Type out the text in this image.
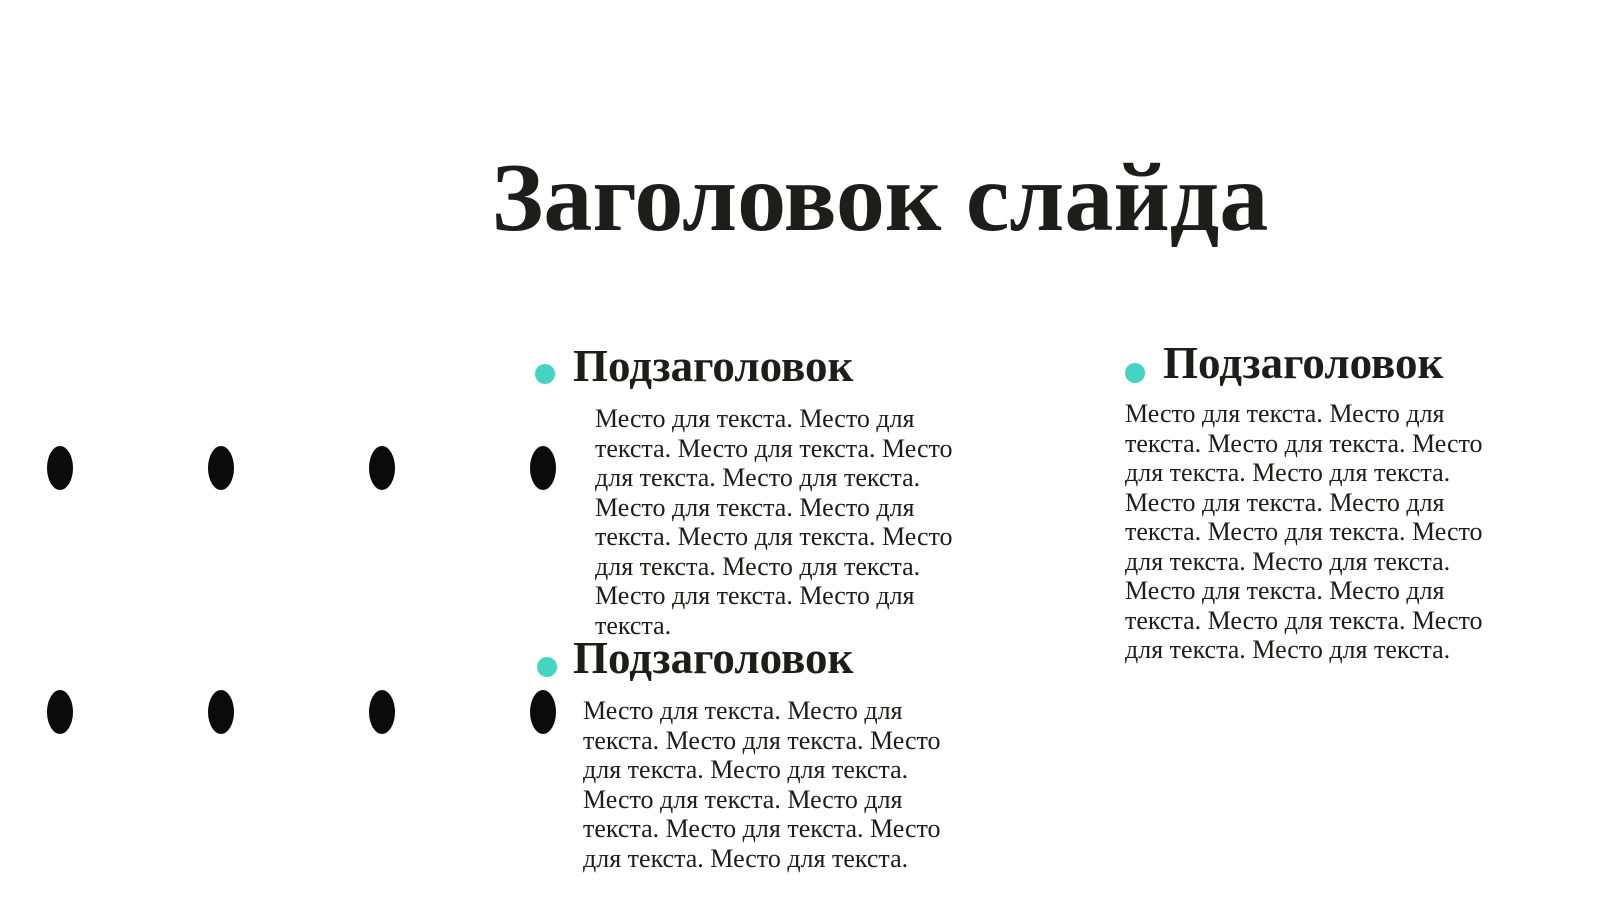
Заголовок слайда
Подзаголовок
Место для текста. Место для текста. Место для текста. Место для текста. Место для текста. Место для текста. Место для текста. Место для текста. Место для текста. Место для текста. Место для текста. Место для текста.
Подзаголовок
Место для текста. Место для текста. Место для текста. Место для текста. Место для текста. Место для текста. Место для текста. Место для текста. Место для текста. Место для текста.
Подзаголовок
Место для текста. Место для текста. Место для текста. Место для текста. Место для текста. Место для текста. Место для текста. Место для текста. Место для текста. Место для текста. Место для текста. Место для текста. Место для текста. Место для текста. Место для текста.
